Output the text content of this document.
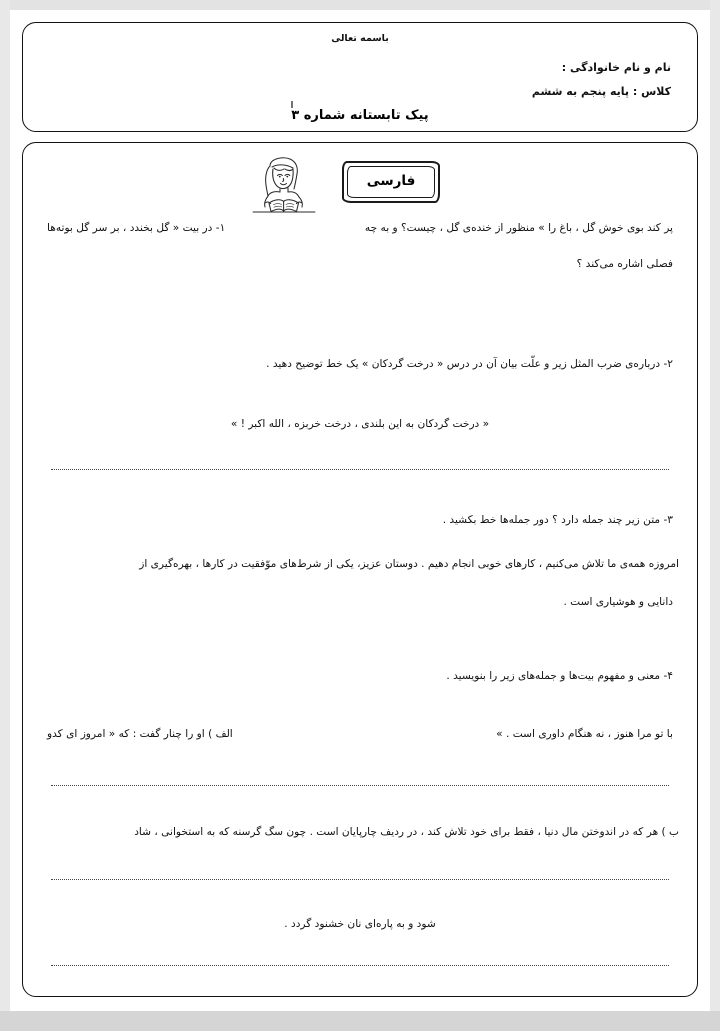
باسمه تعالی
نام و نام خانوادگی :
کلاس : پایه پنجم به ششم
پیک تابستانه شماره ۳
فارسی
پر کند بوی خوش گل ، باغ را » منظور از خنده‌ی گل ، چیست؟ و به چه
۱- در بیت « گل بخندد ، بر سر گل بوته‌ها
فصلی اشاره می‌کند ؟
۲- درباره‌ی ضرب المثل زیر و علّت بیان آن در درس « درخت گردکان » یک خط توضیح دهید .
« درخت گردکان به این بلندی ، درخت خربزه ، الله اکبر ! »
۳- متن زیر چند جمله دارد ؟ دور جمله‌ها خط بکشید .
امروزه همه‌ی ما تلاش می‌کنیم ، کارهای خوبی انجام دهیم . دوستان عزیز، یکی از شرط‌های موّفقیت در کارها ، بهره‌گیری از
دانایی و هوشیاری است .
۴- معنی و مفهوم بیت‌ها و جمله‌های زیر را بنویسید .
با تو مرا هنوز ، نه هنگام داوری است . »
الف ) او را چنار گفت : که « امروز ای کدو
ب ) هر که در اندوختن مال دنیا ، فقط برای خود تلاش کند ، در ردیف چارپایان است . چون سگ گرسنه که به استخوانی ، شاد
شود و به پاره‌ای نان خشنود گردد .
